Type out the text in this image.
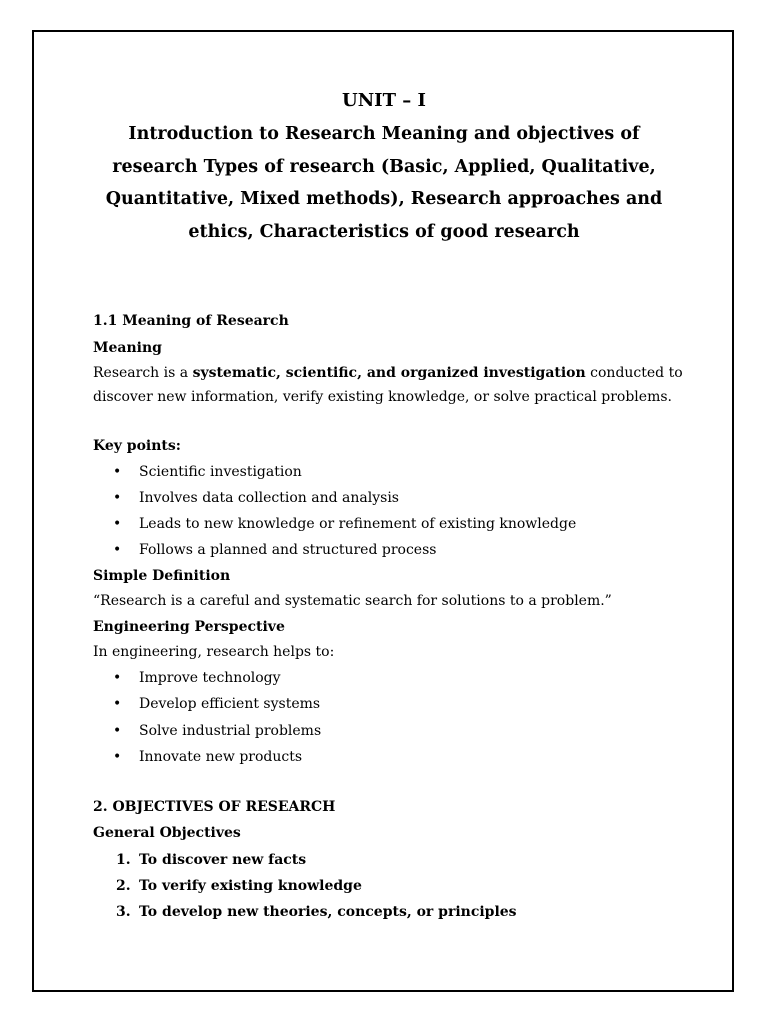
UNIT – I
Introduction to Research Meaning and objectives of research Types of research (Basic, Applied, Qualitative, Quantitative, Mixed methods), Research approaches and ethics, Characteristics of good research
1.1 Meaning of Research
Meaning
Research is a systematic, scientific, and organized investigation conducted to discover new information, verify existing knowledge, or solve practical problems.
Key points:
• Scientific investigation
• Involves data collection and analysis
• Leads to new knowledge or refinement of existing knowledge
• Follows a planned and structured process
Simple Definition
“Research is a careful and systematic search for solutions to a problem.”
Engineering Perspective
In engineering, research helps to:
• Improve technology
• Develop efficient systems
• Solve industrial problems
• Innovate new products
2. OBJECTIVES OF RESEARCH
General Objectives
1. To discover new facts
2. To verify existing knowledge
3. To develop new theories, concepts, or principles
